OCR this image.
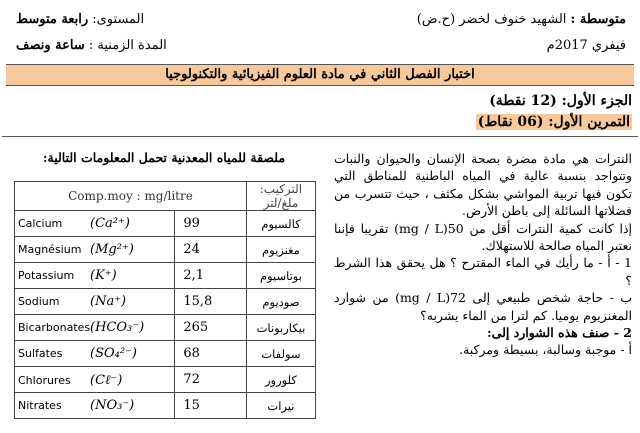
متوسطة : الشهيد خنوف لخضر (ح.ض)
فيفري 2017م
المستوى: رابعة متوسط
المدة الزمنية : ساعة ونصف
اختبار الفصل الثاني في مادة العلوم الفيزيائية والتكنولوجيا
الجزء الأول: (12 نقطة)
التمرين الأول: (06 نقاط)

النترات هي مادة مضرة بصحة الإنسان والحيوان والنبات وتتواجد بنسبة عالية في المياه الباطنية للمناطق التي تكون فيها تربية المواشي بشكل مكثف ، حيث تتسرب من فضلاتها السائلة إلى باطن الأرض.

إذا كانت كمية النترات أقل من 50(mg / L) تقريبا فإننا نعتبر المياه صالحة للاستهلاك.

1 - أ - ما رأيك في الماء المقترح ؟ هل يحقق هذا الشرط ؟

ب - حاجة شخص طبيعي إلى 72(mg / L) من شوارد المغنزيوم يوميا. كم لترا من الماء يشربه؟

2 - صنف هذه الشوارد إلى:

أ - موجبة وسالبة، بسيطة ومركبة.

ملصقة للمياه المعدنية تحمل المعلومات التالية:
Comp.moy : mg/litre		التركيب: ملغ/لتر
Calcium (Ca²⁺)	99	كالسيوم
Magnésium (Mg²⁺)	24	مغنزيوم
Potassium (K⁺)	2,1	بوتاسيوم
Sodium (Na⁺)	15,8	صوديوم
Bicarbonates(HCO₃⁻)	265	بيكاربونات
Sulfates (SO₄²⁻)	68	سولفات
Chlorures (Cℓ⁻)	72	كلورور
Nitrates (NO₃⁻)	15	نيرات
